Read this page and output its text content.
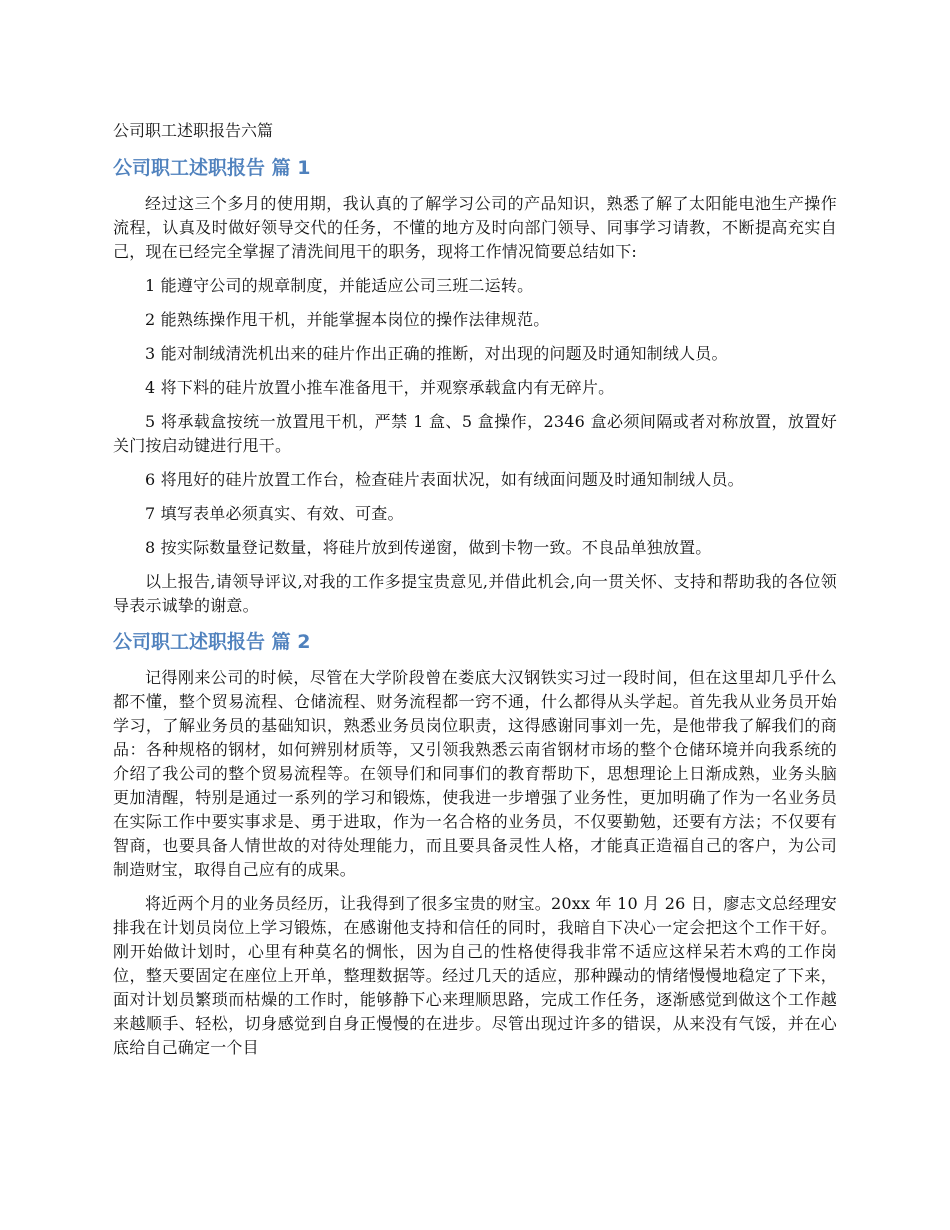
公司职工述职报告六篇
公司职工述职报告 篇 1

经过这三个多月的使用期，我认真的了解学习公司的产品知识，熟悉了解了太阳能电池生产操作流程，认真及时做好领导交代的任务，不懂的地方及时向部门领导、同事学习请教，不断提高充实自己，现在已经完全掌握了清洗间甩干的职务，现将工作情况简要总结如下:

1 能遵守公司的规章制度，并能适应公司三班二运转。

2 能熟练操作甩干机，并能掌握本岗位的操作法律规范。

3 能对制绒清洗机出来的硅片作出正确的推断，对出现的问题及时通知制绒人员。

4 将下料的硅片放置小推车准备甩干，并观察承载盒内有无碎片。

5 将承载盒按统一放置甩干机，严禁 1 盒、5 盒操作，2346 盒必须间隔或者对称放置，放置好关门按启动键进行甩干。

6 将甩好的硅片放置工作台，检查硅片表面状况，如有绒面问题及时通知制绒人员。

7 填写表单必须真实、有效、可查。

8 按实际数量登记数量，将硅片放到传递窗，做到卡物一致。不良品单独放置。

以上报告,请领导评议,对我的工作多提宝贵意见,并借此机会,向一贯关怀、支持和帮助我的各位领导表示诚挚的谢意。

公司职工述职报告 篇 2

记得刚来公司的时候，尽管在大学阶段曾在娄底大汉钢铁实习过一段时间，但在这里却几乎什么都不懂，整个贸易流程、仓储流程、财务流程都一窍不通，什么都得从头学起。首先我从业务员开始学习，了解业务员的基础知识，熟悉业务员岗位职责，这得感谢同事刘一先，是他带我了解我们的商品：各种规格的钢材，如何辨别材质等，又引领我熟悉云南省钢材市场的整个仓储环境并向我系统的介绍了我公司的整个贸易流程等。在领导们和同事们的教育帮助下，思想理论上日渐成熟，业务头脑更加清醒，特别是通过一系列的学习和锻炼，使我进一步增强了业务性，更加明确了作为一名业务员在实际工作中要实事求是、勇于进取，作为一名合格的业务员，不仅要勤勉，还要有方法；不仅要有智商，也要具备人情世故的对待处理能力，而且要具备灵性人格，才能真正造福自己的客户，为公司制造财宝，取得自己应有的成果。

将近两个月的业务员经历，让我得到了很多宝贵的财宝。20xx 年 10 月 26 日，廖志文总经理安排我在计划员岗位上学习锻炼，在感谢他支持和信任的同时，我暗自下决心一定会把这个工作干好。刚开始做计划时，心里有种莫名的惆怅，因为自己的性格使得我非常不适应这样呆若木鸡的工作岗位，整天要固定在座位上开单，整理数据等。经过几天的适应，那种躁动的情绪慢慢地稳定了下来，面对计划员繁琐而枯燥的工作时，能够静下心来理顺思路，完成工作任务，逐渐感觉到做这个工作越来越顺手、轻松，切身感觉到自身正慢慢的在进步。尽管出现过许多的错误，从来没有气馁，并在心底给自己确定一个目
